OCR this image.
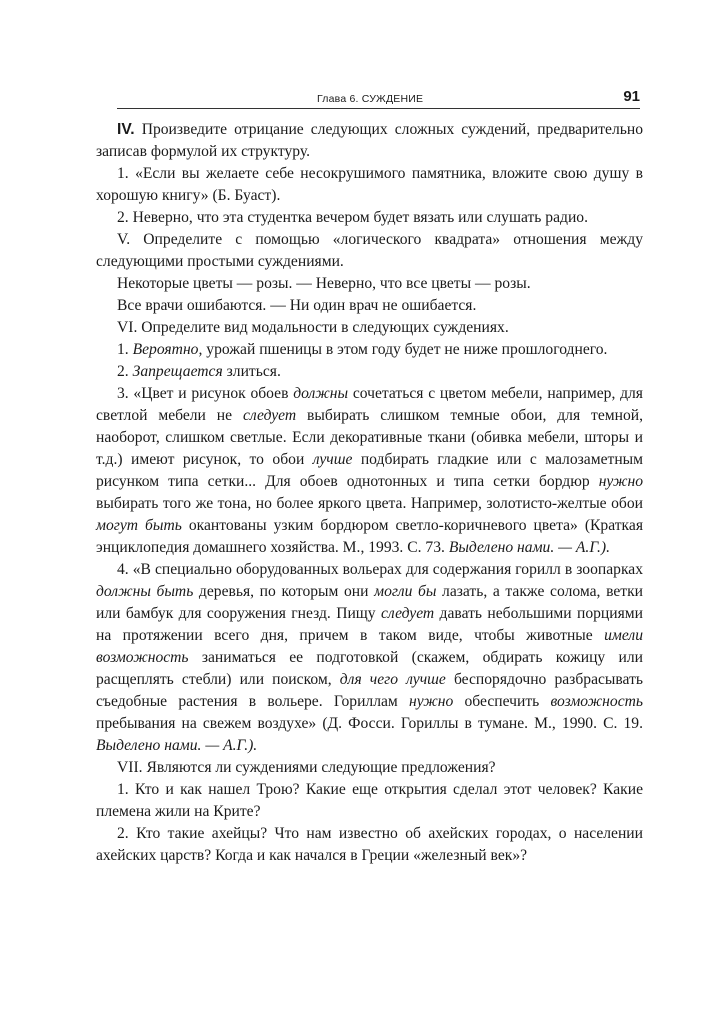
Глава 6. СУЖДЕНИЕ	91

IV. Произведите отрицание следующих сложных суждений, предварительно записав формулой их структуру.

1. «Если вы желаете себе несокрушимого памятника, вложите свою душу в хорошую книгу» (Б. Буаст).

2. Неверно, что эта студентка вечером будет вязать или слушать радио.

V. Определите с помощью «логического квадрата» отношения между следующими простыми суждениями.

Некоторые цветы — розы. — Неверно, что все цветы — розы.

Все врачи ошибаются. — Ни один врач не ошибается.

VI. Определите вид модальности в следующих суждениях.

1. Вероятно, урожай пшеницы в этом году будет не ниже прошлогоднего.

2. Запрещается злиться.

3. «Цвет и рисунок обоев должны сочетаться с цветом мебели, например, для светлой мебели не следует выбирать слишком темные обои, для темной, наоборот, слишком светлые. Если декоративные ткани (обивка мебели, шторы и т.д.) имеют рисунок, то обои лучше подбирать гладкие или с малозаметным рисунком типа сетки... Для обоев однотонных и типа сетки бордюр нужно выбирать того же тона, но более яркого цвета. Например, золотисто-желтые обои могут быть окантованы узким бордюром светло-коричневого цвета» (Краткая энциклопедия домашнего хозяйства. М., 1993. С. 73. Выделено нами. — А.Г.).

4. «В специально оборудованных вольерах для содержания горилл в зоопарках должны быть деревья, по которым они могли бы лазать, а также солома, ветки или бамбук для сооружения гнезд. Пищу следует давать небольшими порциями на протяжении всего дня, причем в таком виде, чтобы животные имели возможность заниматься ее подготовкой (скажем, обдирать кожицу или расщеплять стебли) или поиском, для чего лучше беспорядочно разбрасывать съедобные растения в вольере. Гориллам нужно обеспечить возможность пребывания на свежем воздухе» (Д. Фосси. Гориллы в тумане. М., 1990. С. 19. Выделено нами. — А.Г.).

VII. Являются ли суждениями следующие предложения?

1. Кто и как нашел Трою? Какие еще открытия сделал этот человек? Какие племена жили на Крите?

2. Кто такие ахейцы? Что нам известно об ахейских городах, о населении ахейских царств? Когда и как начался в Греции «железный век»?
